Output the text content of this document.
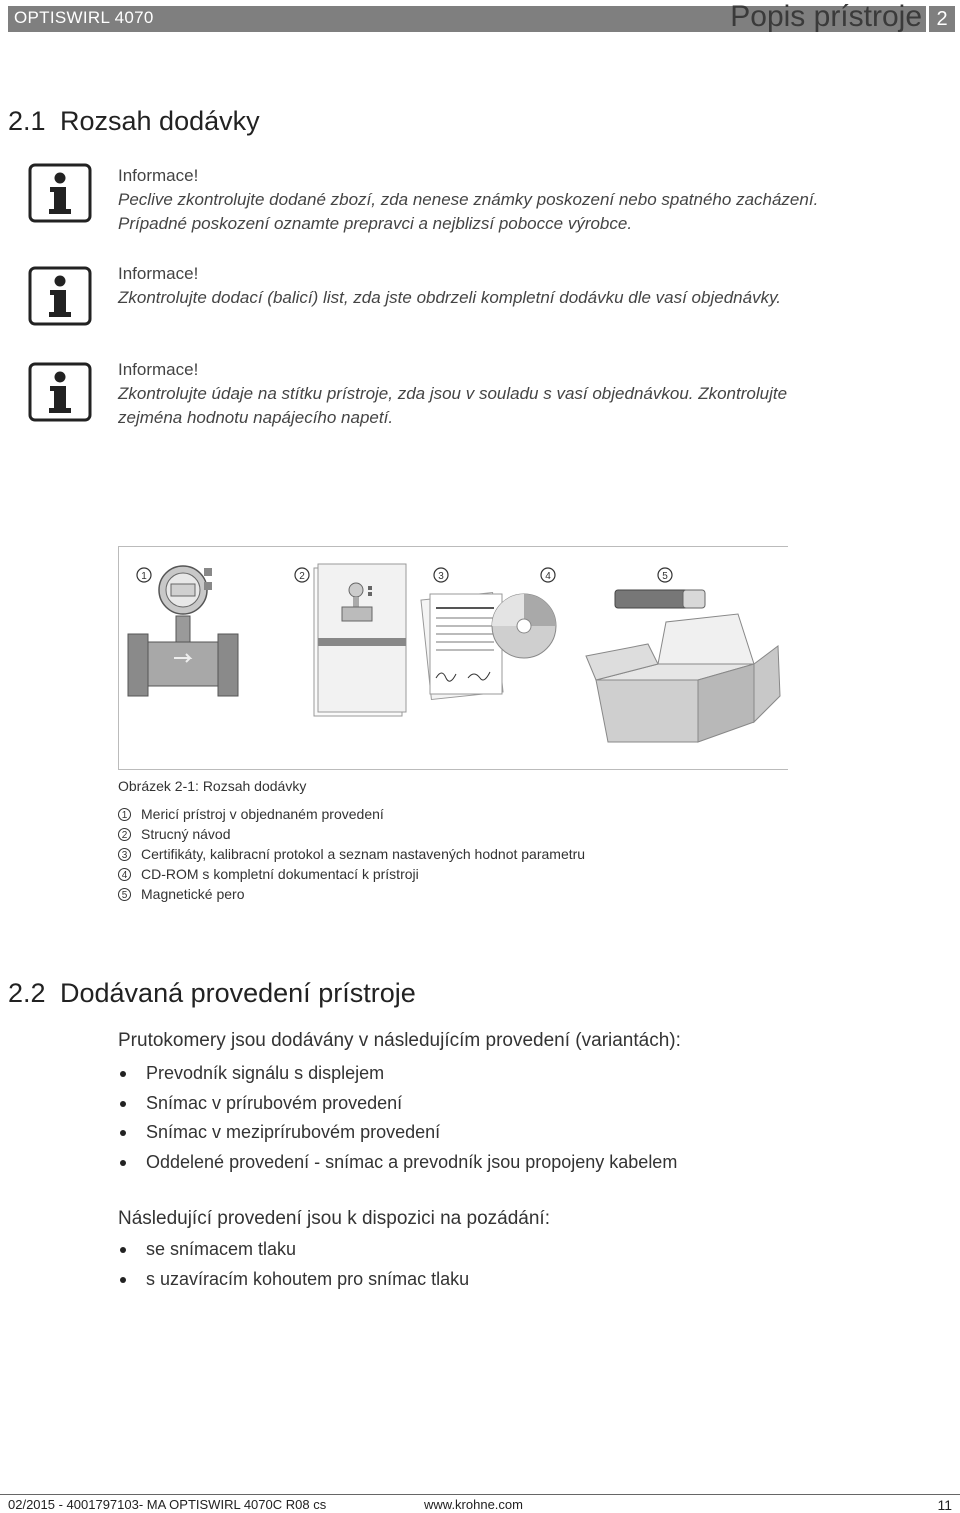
OPTISWIRL 4070	Popis prístroje 2
2.1 Rozsah dodávky
Informace!
Peclive zkontrolujte dodané zbozí, zda nenese známky poskození nebo spatného zacházení.
Prípadné poskození oznamte prepravci a nejblizsí pobocce výrobce.
Informace!
Zkontrolujte dodací (balicí) list, zda jste obdrzeli kompletní dodávku dle vasí objednávky.
Informace!
Zkontrolujte údaje na stítku prístroje, zda jsou v souladu s vasí objednávkou. Zkontrolujte
zejména hodnotu napájecího napetí.
1	2	3	4	5
Obrázek 2-1: Rozsah dodávky
1 Mericí prístroj v objednaném provedení
2 Strucný návod
3 Certifikáty, kalibracní protokol a seznam nastavených hodnot parametru
4 CD-ROM s kompletní dokumentací k prístroji
5 Magnetické pero
2.2 Dodávaná provedení prístroje
Prutokomery jsou dodávány v následujícím provedení (variantách):
Prevodník signálu s displejem
Snímac v prírubovém provedení
Snímac v meziprírubovém provedení
Oddelené provedení - snímac a prevodník jsou propojeny kabelem
Následující provedení jsou k dispozici na pozádání:
se snímacem tlaku
s uzavíracím kohoutem pro snímac tlaku
02/2015 - 4001797103- MA OPTISWIRL 4070C R08 cs	www.krohne.com	11
